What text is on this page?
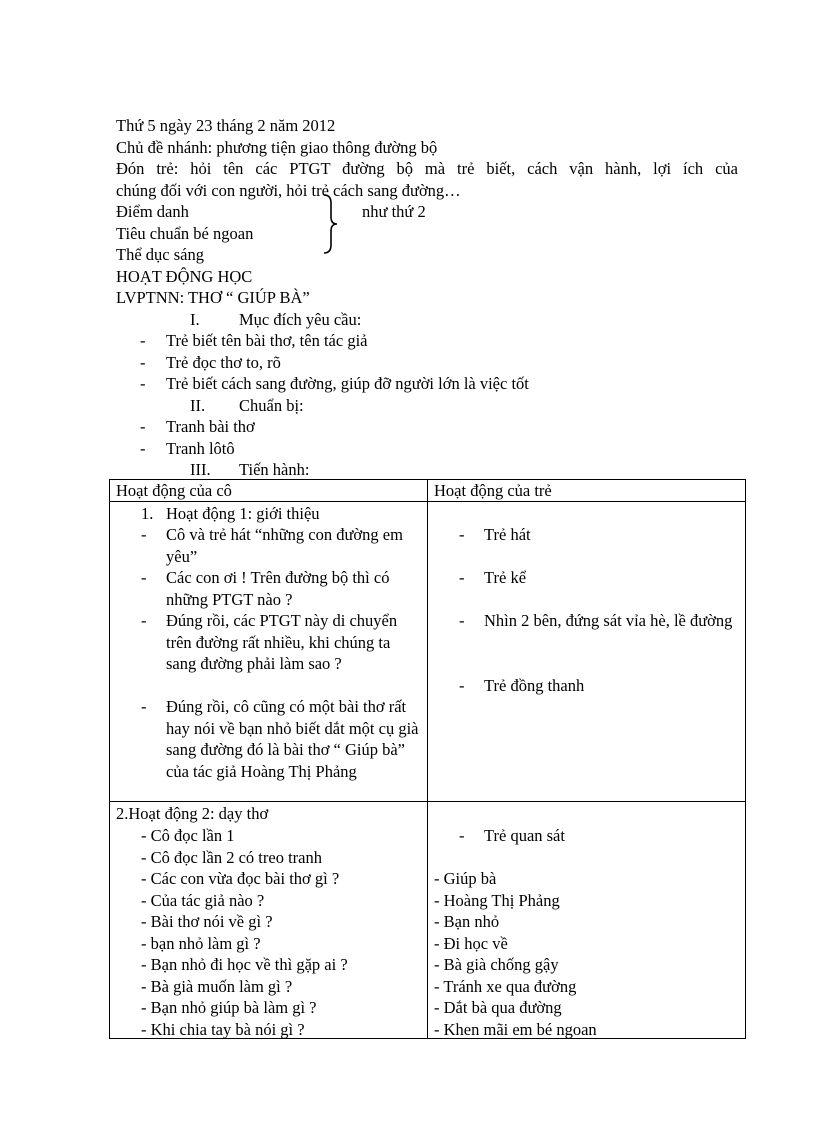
Thứ 5 ngày 23 tháng 2 năm 2012
Chủ đề nhánh: phương tiện giao thông đường bộ
Đón trẻ: hỏi tên các PTGT đường bộ mà trẻ biết, cách vận hành, lợi ích của
chúng đối với con người, hỏi trẻ cách sang đường…
Điểm danh
Tiêu chuẩn bé ngoan
Thể dục sáng
như thứ 2
HOẠT ĐỘNG HỌC
LVPTNN: THƠ “ GIÚP BÀ”
I. Mục đích yêu cầu:
- Trẻ biết tên bài thơ, tên tác giả
- Trẻ đọc thơ to, rõ
- Trẻ biết cách sang đường, giúp đỡ người lớn là việc tốt
II. Chuẩn bị:
- Tranh bài thơ
- Tranh lôtô
III. Tiến hành:
Hoạt động của cô	Hoạt động của trẻ
1. Hoạt động 1: giới thiệu
- Cô và trẻ hát “những con đường em yêu”
- Các con ơi ! Trên đường bộ thì có những PTGT nào ?
- Đúng rồi, các PTGT này di chuyển trên đường rất nhiều, khi chúng ta sang đường phải làm sao ?
- Đúng rồi, cô cũng có một bài thơ rất hay nói về bạn nhỏ biết dắt một cụ già sang đường đó là bài thơ “ Giúp bà” của tác giả Hoàng Thị Phảng
- Trẻ hát
- Trẻ kể
- Nhìn 2 bên, đứng sát vỉa hè, lề đường
- Trẻ đồng thanh
2.Hoạt động 2: dạy thơ
- Cô đọc lần 1
- Cô đọc lần 2 có treo tranh
- Các con vừa đọc bài thơ gì ?
- Của tác giả nào ?
- Bài thơ nói về gì ?
- bạn nhỏ làm gì ?
- Bạn nhỏ đi học về thì gặp ai ?
- Bà già muốn làm gì ?
- Bạn nhỏ giúp bà làm gì ?
- Khi chia tay bà nói gì ?
- Trẻ quan sát
- Giúp bà
- Hoàng Thị Phảng
- Bạn nhỏ
- Đi học về
- Bà già chống gậy
- Tránh xe qua đường
- Dắt bà qua đường
- Khen mãi em bé ngoan
